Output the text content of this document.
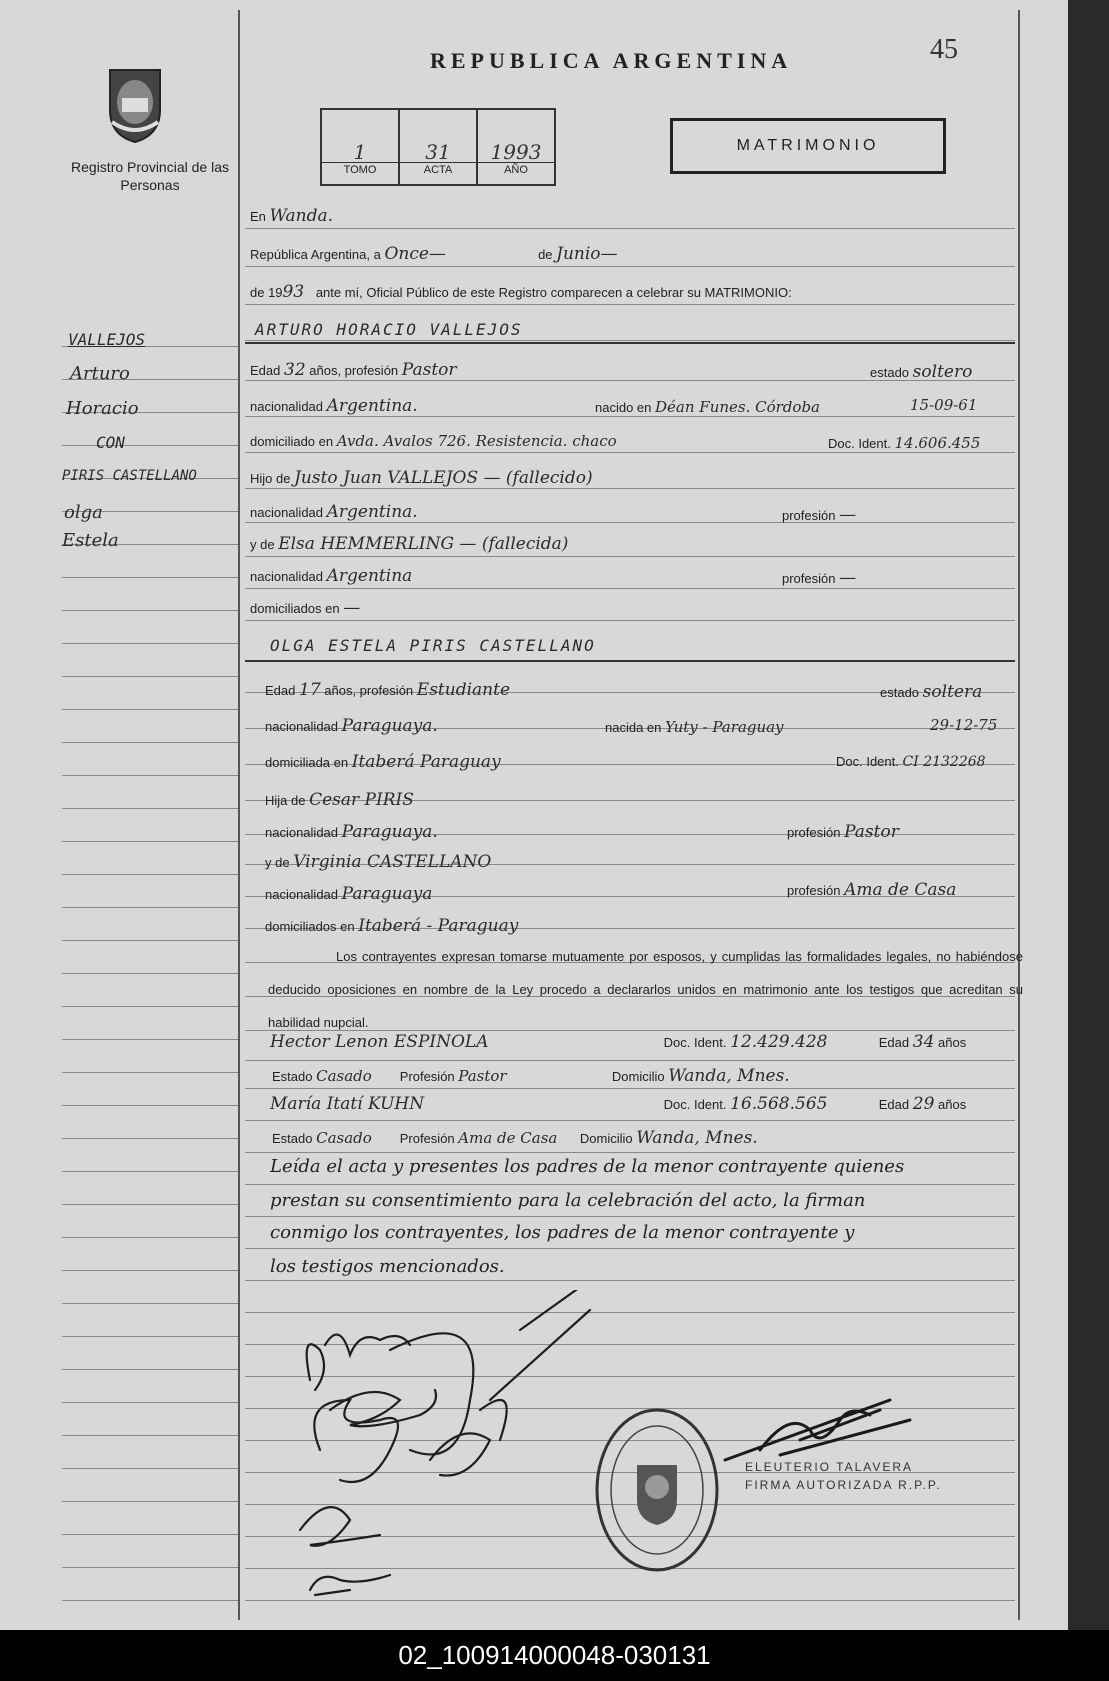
45
REPUBLICA ARGENTINA
Registro Provincial de las Personas
1
TOMO
31
ACTA
1993
AÑO
MATRIMONIO
VALLEJOS
Arturo
Horacio
CON
PIRIS CASTELLANO
olga
Estela
En Wanda.
República Argentina, a Once—	de Junio—
de 1993 ante mí, Oficial Público de este Registro comparecen a celebrar su MATRIMONIO:
ARTURO HORACIO VALLEJOS
Edad 32 años, profesión Pastor	estado soltero
nacionalidad Argentina.	nacido en Déan Funes. Córdoba	15-09-61
domiciliado en Avda. Avalos 726. Resistencia. chaco	Doc. Ident. 14.606.455
Hijo de Justo Juan VALLEJOS — (fallecido)
nacionalidad Argentina.	profesión —
y de Elsa HEMMERLING — (fallecida)
nacionalidad Argentina	profesión —
domiciliados en —
OLGA ESTELA PIRIS CASTELLANO
Edad 17 años, profesión Estudiante	estado soltera
nacionalidad Paraguaya.	nacida en Yuty - Paraguay	29-12-75
domiciliada en Itaberá Paraguay	Doc. Ident. CI 2132268
Hija de Cesar PIRIS
nacionalidad Paraguaya.	profesión Pastor
y de Virginia CASTELLANO
nacionalidad Paraguaya	profesión Ama de Casa
domiciliados en Itaberá - Paraguay
Los contrayentes expresan tomarse mutuamente por esposos, y cumplidas las formalidades legales, no habiéndose deducido oposiciones en nombre de la Ley procedo a declararlos unidos en matrimonio ante los testigos que acreditan su habilidad nupcial.
Hector Lenon ESPINOLA	Doc. Ident. 12.429.428	Edad 34 años
Estado Casado Profesión Pastor	Domicilio Wanda, Mnes.
María Itatí KUHN	Doc. Ident. 16.568.565	Edad 29 años
Estado Casado Profesión Ama de Casa Domicilio Wanda, Mnes.
Leída el acta y presentes los padres de la menor contrayente quienes
prestan su consentimiento para la celebración del acto, la firman
conmigo los contrayentes, los padres de la menor contrayente y
los testigos mencionados.
ELEUTERIO TALAVERA
FIRMA AUTORIZADA R.P.P.
02_100914000048-030131
